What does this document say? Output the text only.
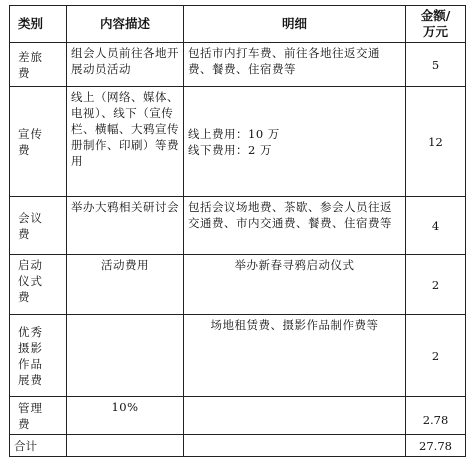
类别	内容描述	明细	金额/
万元
差旅
费	组会人员前往各地开展动员活动	包括市内打车费、前往各地往返交通费、餐费、住宿费等	5
宣传
费	线上（网络、媒体、电视）、线下（宣传栏、横幅、大鸦宣传册制作、印刷）等费用	线上费用：10 万
线下费用：2 万	12
会议
费	举办大鸦相关研讨会	包括会议场地费、茶歇、参会人员往返交通费、市内交通费、餐费、住宿费等	4
启动
仪式
费	活动费用	举办新春寻鸦启动仪式	2
优秀
摄影
作品
展费		场地租赁费、摄影作品制作费等	2
管理
费	10%		2.78
合计			27.78
